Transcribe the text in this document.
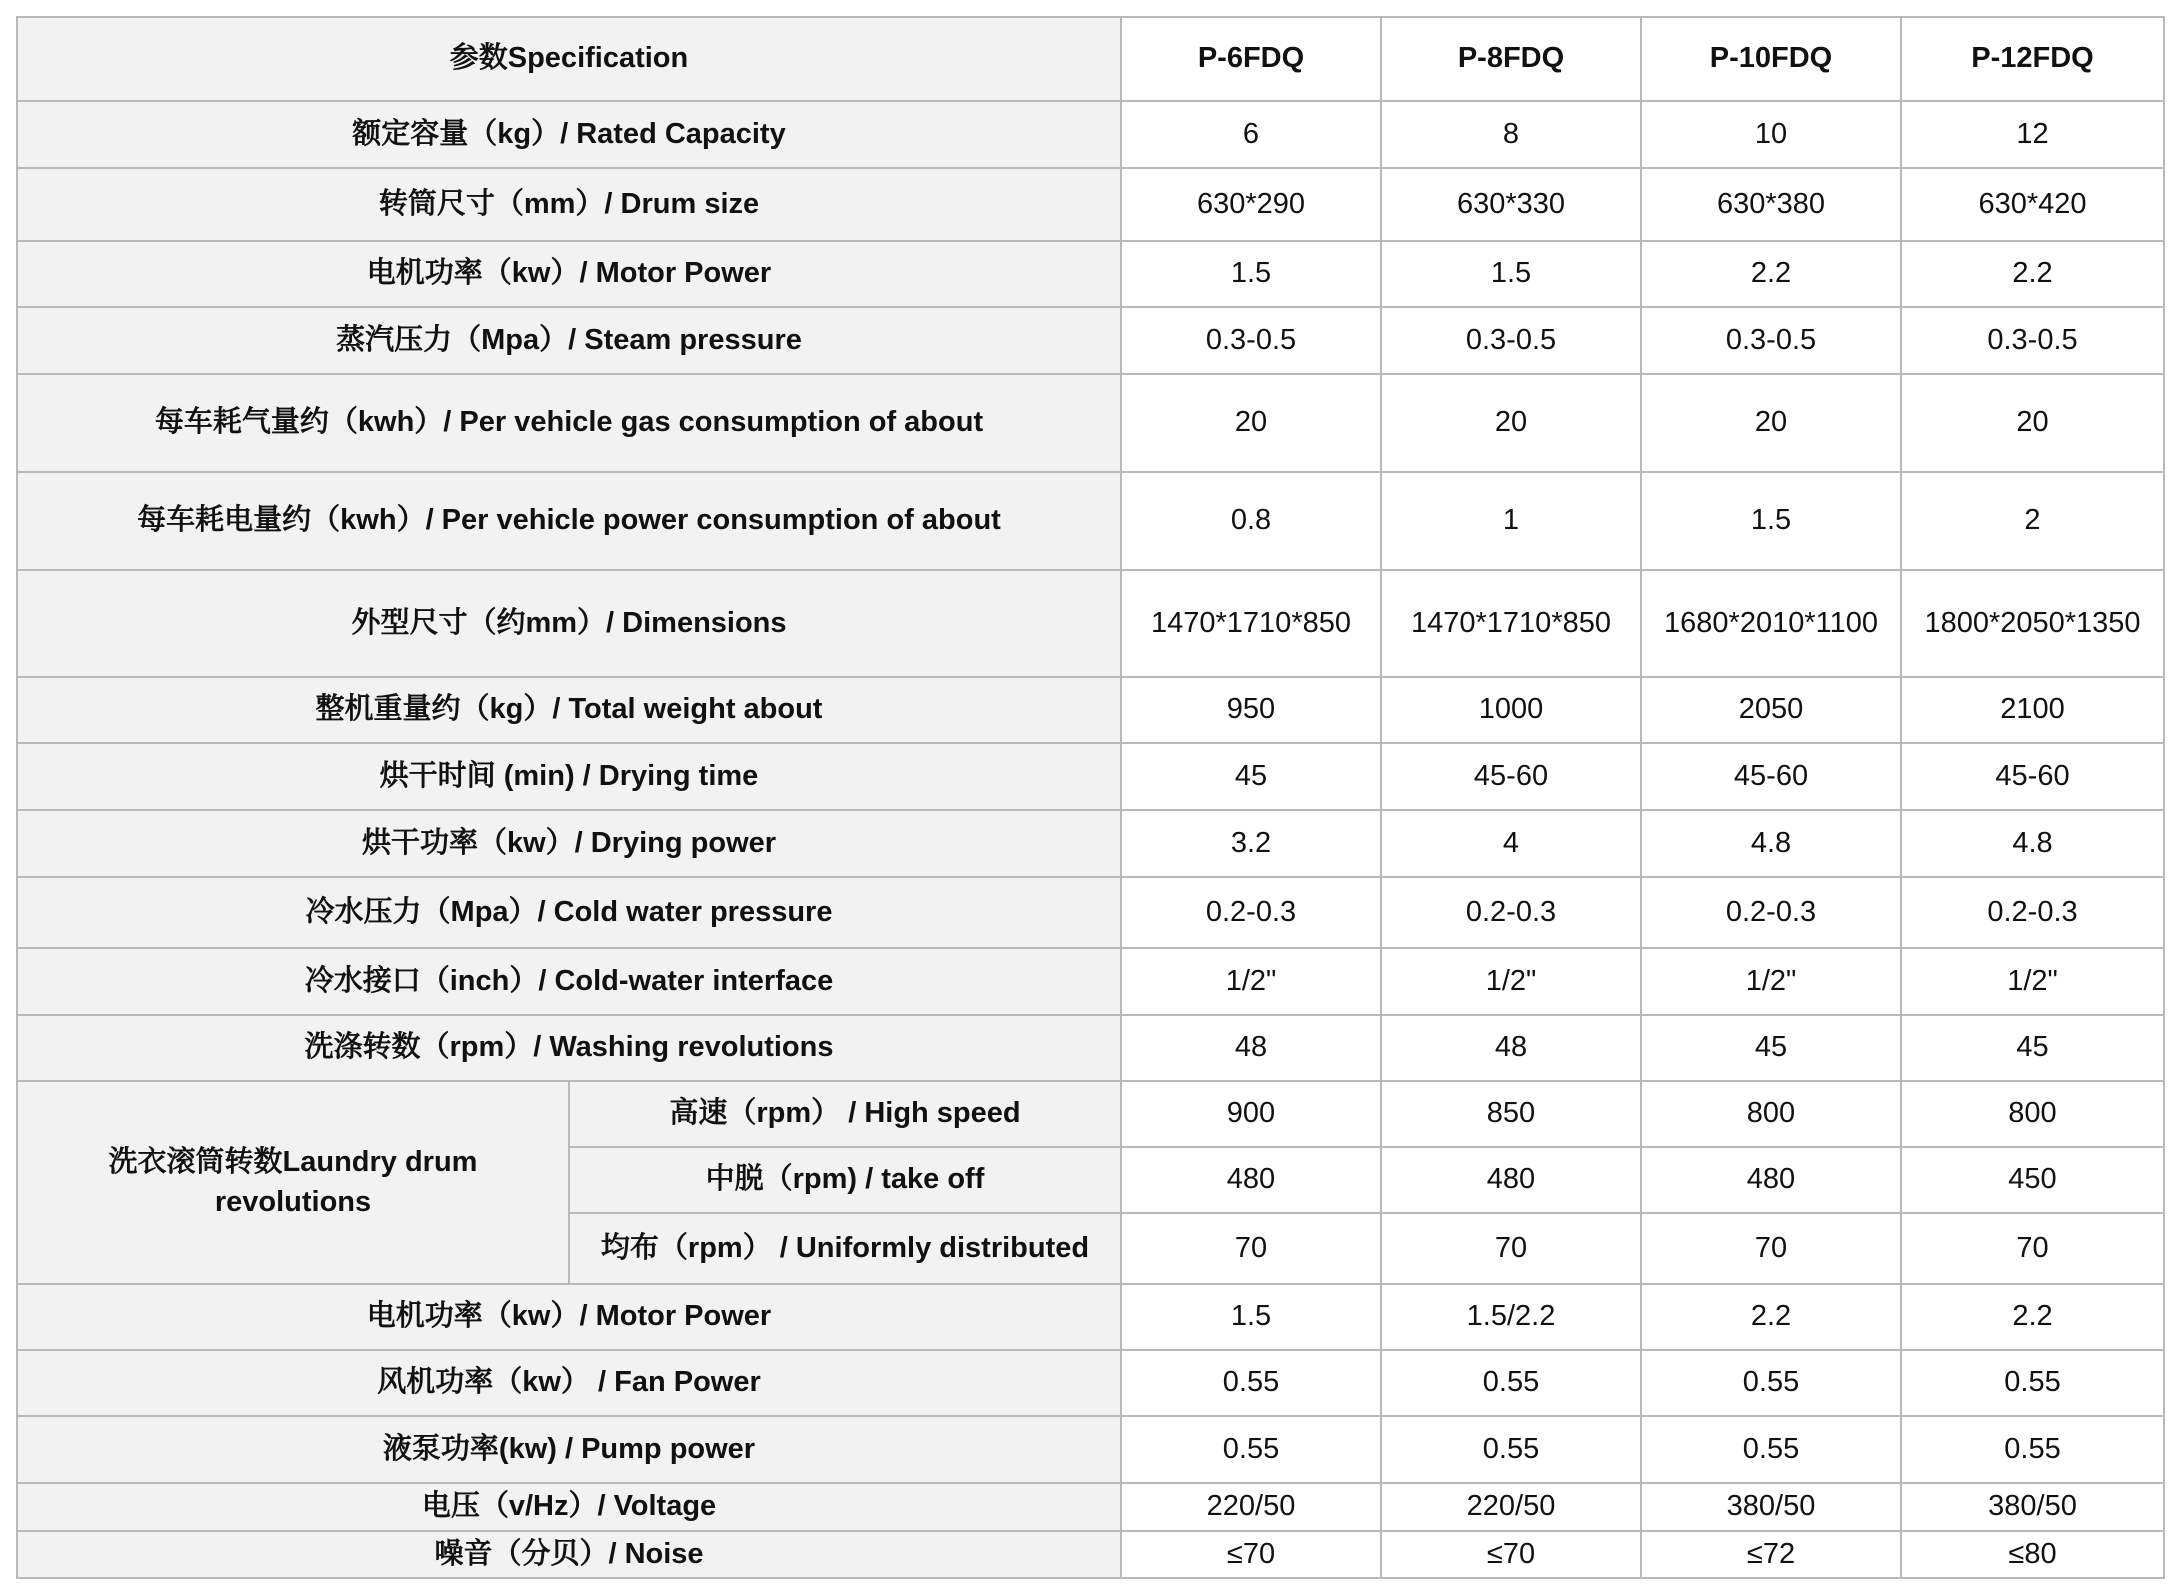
参数Specification		P-6FDQ	P-8FDQ	P-10FDQ	P-12FDQ
额定容量（kg）/ Rated Capacity		6	8	10	12
转筒尺寸（mm）/ Drum size		630*290	630*330	630*380	630*420
电机功率（kw）/ Motor Power		1.5	1.5	2.2	2.2
蒸汽压力（Mpa）/ Steam pressure		0.3-0.5	0.3-0.5	0.3-0.5	0.3-0.5
每车耗气量约（kwh）/ Per vehicle gas consumption of about		20	20	20	20
每车耗电量约（kwh）/ Per vehicle power consumption of about		0.8	1	1.5	2
外型尺寸（约mm）/ Dimensions		1470*1710*850	1470*1710*850	1680*2010*1100	1800*2050*1350
整机重量约（kg）/ Total weight about		950	1000	2050	2100
烘干时间 (min) / Drying time		45	45-60	45-60	45-60
烘干功率（kw）/ Drying power		3.2	4	4.8	4.8
冷水压力（Mpa）/ Cold water pressure		0.2-0.3	0.2-0.3	0.2-0.3	0.2-0.3
冷水接口（inch）/ Cold-water interface		1/2"	1/2"	1/2"	1/2"
洗涤转数（rpm）/ Washing revolutions		48	48	45	45
洗衣滚筒转数Laundry drum revolutions	高速（rpm） / High speed	900	850	800	800
	中脱（rpm) / take off	480	480	480	450
	均布（rpm） / Uniformly distributed	70	70	70	70
电机功率（kw）/ Motor Power		1.5	1.5/2.2	2.2	2.2
风机功率（kw） / Fan Power		0.55	0.55	0.55	0.55
液泵功率(kw) / Pump power		0.55	0.55	0.55	0.55
电压（v/Hz）/ Voltage		220/50	220/50	380/50	380/50
噪音（分贝）/ Noise		≤70	≤70	≤72	≤80
